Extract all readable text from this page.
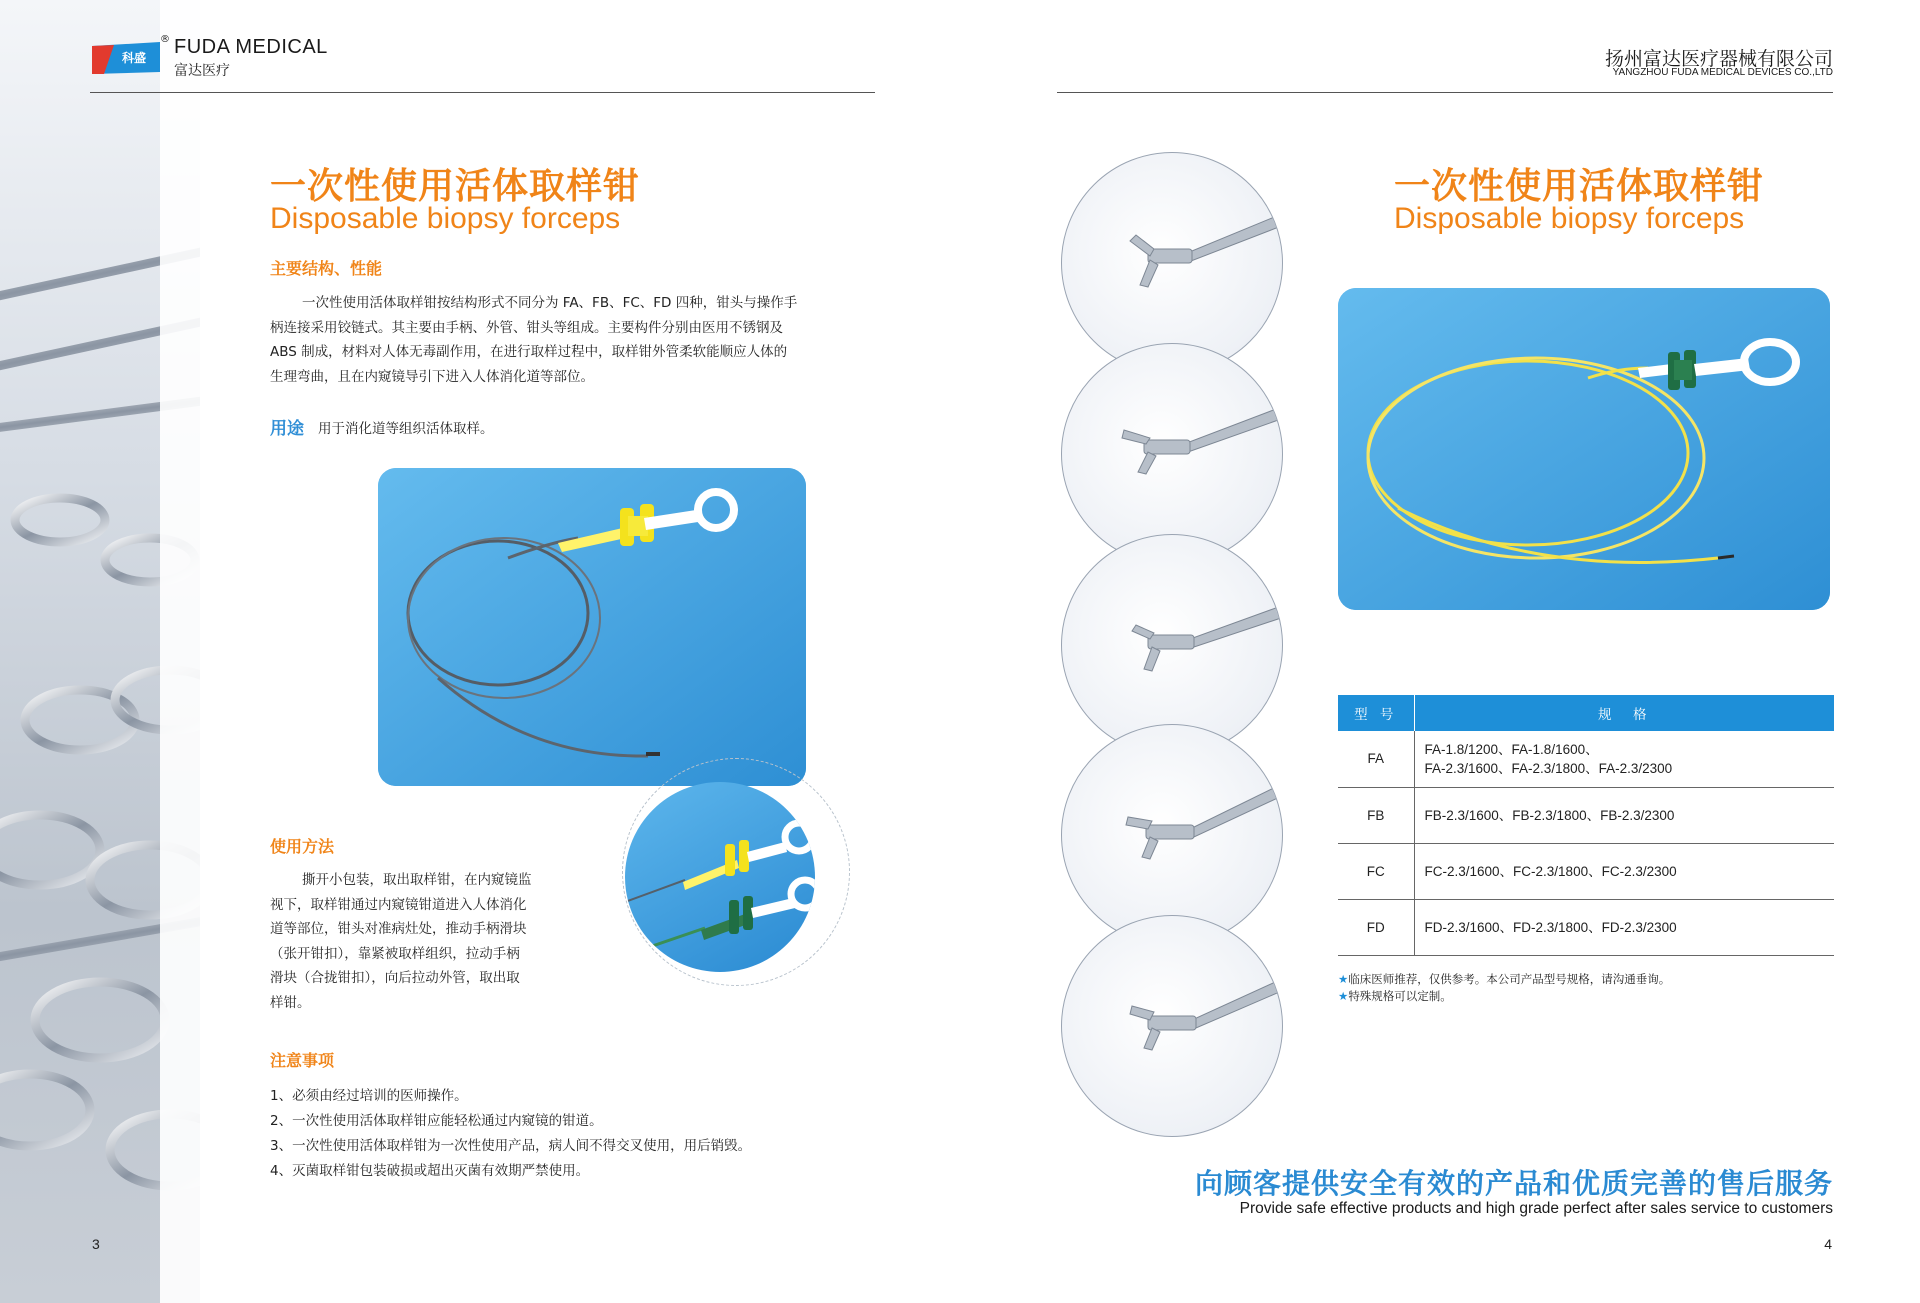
科盛
® FUDA MEDICAL
富达医疗
一次性使用活体取样钳
Disposable biopsy forceps
主要结构、性能
一次性使用活体取样钳按结构形式不同分为 FA、FB、FC、FD 四种，钳头与操作手
柄连接采用铰链式。其主要由手柄、外管、钳头等组成。主要构件分别由医用不锈钢及
ABS 制成，材料对人体无毒副作用，在进行取样过程中，取样钳外管柔软能顺应人体的
生理弯曲，且在内窥镜导引下进入人体消化道等部位。
用途 用于消化道等组织活体取样。
使用方法
撕开小包装，取出取样钳，在内窥镜监
视下，取样钳通过内窥镜钳道进入人体消化
道等部位，钳头对准病灶处，推动手柄滑块
（张开钳扣），靠紧被取样组织，拉动手柄
滑块（合拢钳扣），向后拉动外管，取出取
样钳。
注意事项
1、必须由经过培训的医师操作。
2、一次性使用活体取样钳应能轻松通过内窥镜的钳道。
3、一次性使用活体取样钳为一次性使用产品，病人间不得交叉使用，用后销毁。
4、灭菌取样钳包装破损或超出灭菌有效期严禁使用。
3
扬州富达医疗器械有限公司
YANGZHOU FUDA MEDICAL DEVICES CO.,LTD
一次性使用活体取样钳
Disposable biopsy forceps
型 号	规　格
FA	FA-1.8/1200、FA-1.8/1600、
FA-2.3/1600、FA-2.3/1800、FA-2.3/2300

FB	FB-2.3/1600、FB-2.3/1800、FB-2.3/2300
FC	FC-2.3/1600、FC-2.3/1800、FC-2.3/2300
FD	FD-2.3/1600、FD-2.3/1800、FD-2.3/2300
★临床医师推荐，仅供参考。本公司产品型号规格，请沟通垂询。
★特殊规格可以定制。
向顾客提供安全有效的产品和优质完善的售后服务
Provide safe effective products and high grade perfect after sales service to customers
4
